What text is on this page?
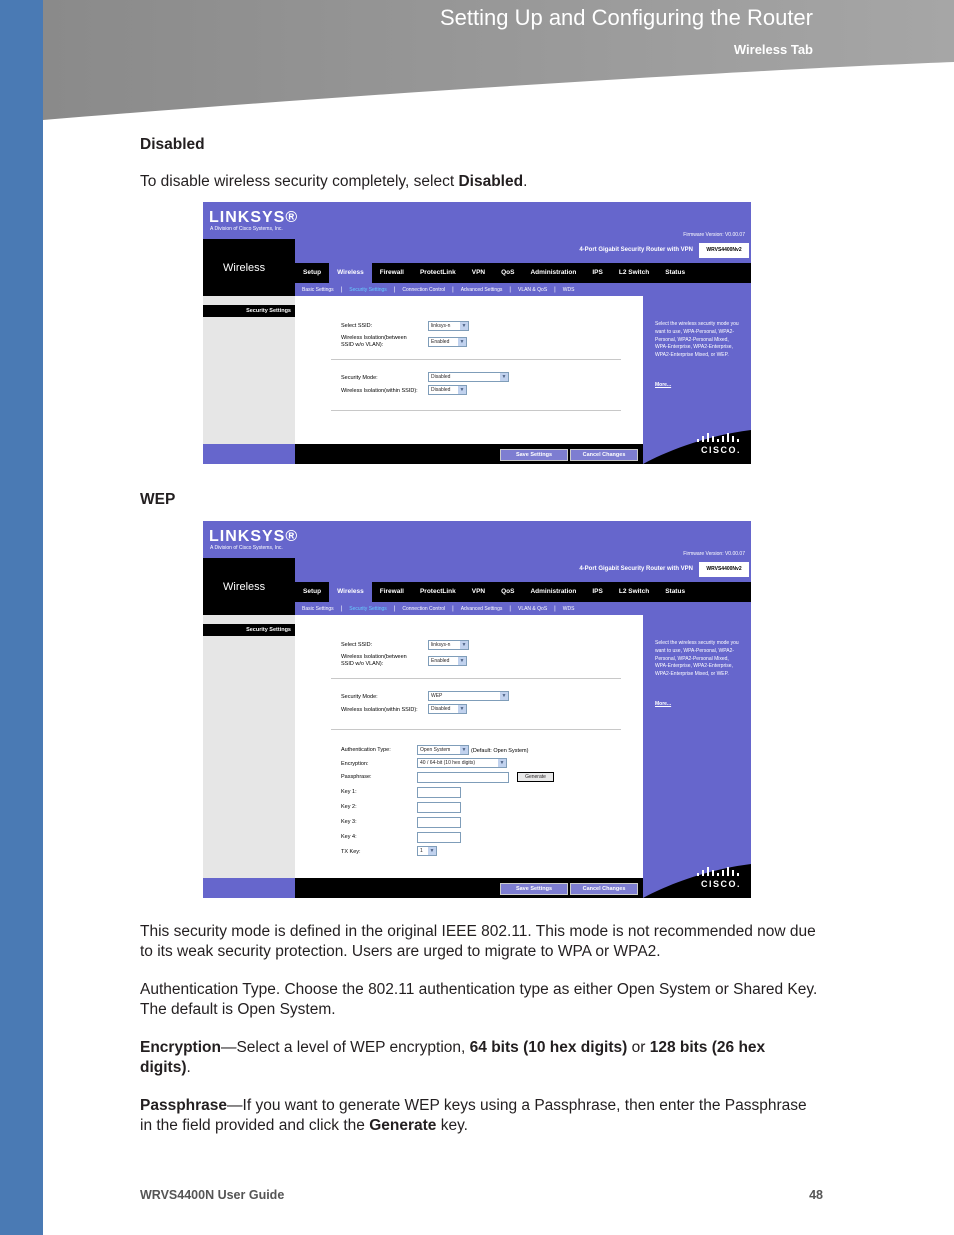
Setting Up and Configuring the Router
Wireless Tab
Disabled
To disable wireless security completely, select Disabled.
LINKSYS®
A Division of Cisco Systems, Inc.
Firmware Version: V0.00.07
Wireless
4-Port Gigabit Security Router with VPN	WRVS4400Nv2
Setup	Wireless	Firewall	ProtectLink	VPN	QoS	Administration	IPS	L2 Switch	Status
Basic Settings	|	Security Settings	|	Connection Control	|	Advanced Settings	|	VLAN & QoS	|	WDS
Security Settings
Select SSID:	linksys-n	▼
Wireless Isolation(between
SSID w/o VLAN):	Enabled	▼
Security Mode:	Disabled	▼
Wireless Isolation(within SSID):	Disabled	▼
Select the wireless security mode you want to use, WPA-Personal, WPA2-Personal, WPA2-Personal Mixed, WPA-Enterprise, WPA2-Enterprise, WPA2-Enterprise Mixed, or WEP.
More...
Save Settings	Cancel Changes	CISCO.
WEP
LINKSYS®
A Division of Cisco Systems, Inc.
Firmware Version: V0.00.07
Wireless
4-Port Gigabit Security Router with VPN	WRVS4400Nv2
Setup	Wireless	Firewall	ProtectLink	VPN	QoS	Administration	IPS	L2 Switch	Status
Basic Settings	|	Security Settings	|	Connection Control	|	Advanced Settings	|	VLAN & QoS	|	WDS
Security Settings
Select SSID:	linksys-n	▼
Wireless Isolation(between
SSID w/o VLAN):	Enabled	▼
Security Mode:	WEP	▼
Wireless Isolation(within SSID):	Disabled	▼
Authentication Type:	Open System	▼ (Default: Open System)
Encryption:	40 / 64-bit (10 hex digits)	▼
Passphrase:	Generate
Key 1:
Key 2:
Key 3:
Key 4:
TX Key:	1	▼
Select the wireless security mode you want to use, WPA-Personal, WPA2-Personal, WPA2-Personal Mixed, WPA-Enterprise, WPA2-Enterprise, WPA2-Enterprise Mixed, or WEP.
More...
Save Settings	Cancel Changes	CISCO.
This security mode is defined in the original IEEE 802.11. This mode is not recommended now due to its weak security protection. Users are urged to migrate to WPA or WPA2.
Authentication Type. Choose the 802.11 authentication type as either Open System or Shared Key. The default is Open System.
Encryption—Select a level of WEP encryption, 64 bits (10 hex digits) or 128 bits (26 hex digits).
Passphrase—If you want to generate WEP keys using a Passphrase, then enter the Passphrase in the field provided and click the Generate key.
WRVS4400N User Guide	48
